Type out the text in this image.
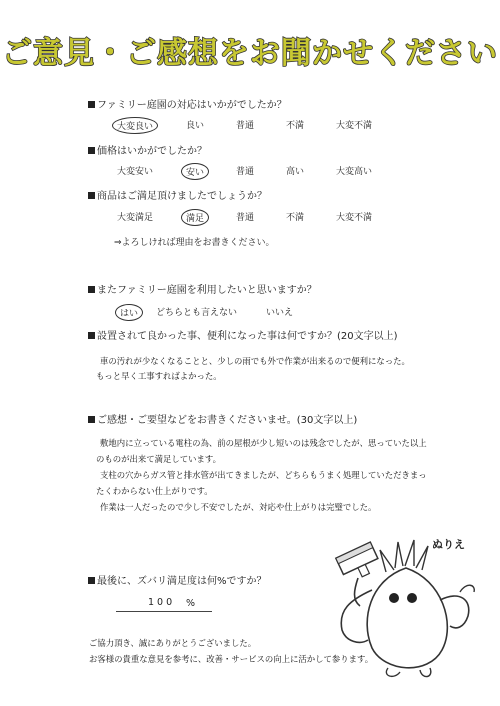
ご意見・ご感想をお聞かせください
ファミリー庭園の対応はいかがでしたか？
大変良い	良い	普通	不満	大変不満
価格はいかがでしたか？
大変安い	安い	普通	高い	大変高い
商品はご満足頂けましたでしょうか？
大変満足	満足	普通	不満	大変不満
⇒よろしければ理由をお書きください。
またファミリー庭園を利用したいと思いますか？
はい	どちらとも言えない	いいえ
設置されて良かった事、便利になった事は何ですか？(20文字以上)
車の汚れが少なくなることと、少しの雨でも外で作業が出来るので便利になった。
もっと早く工事すればよかった。
ご感想・ご要望などをお書きくださいませ。(30文字以上)
敷地内に立っている電柱の為、前の屋根が少し短いのは残念でしたが、思っていた以上
のものが出来て満足しています。
支柱の穴からガス管と排水管が出てきましたが、どちらもうまく処理していただきまっ
たくわからない仕上がりです。
作業は一人だったので少し不安でしたが、対応や仕上がりは完璧でした。
最後に、ズバリ満足度は何%ですか？
100 %
ご協力頂き、誠にありがとうございました。
お客様の貴重な意見を参考に、改善・サービスの向上に活かして参ります。
ぬりえ
